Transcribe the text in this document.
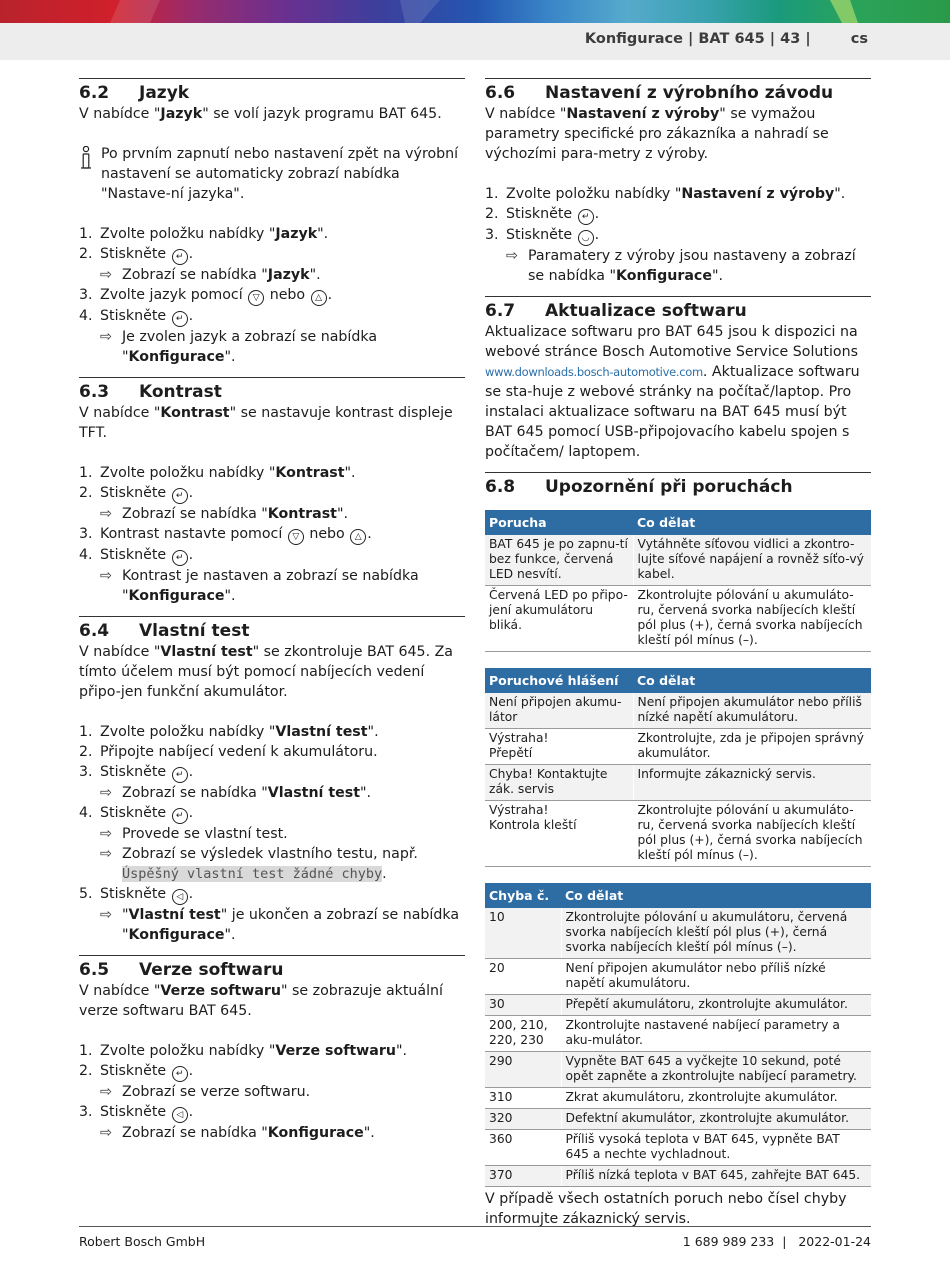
Konfigurace | BAT 645 | 43 |	cs
6.2 Jazyk

V nabídce "Jazyk" se volí jazyk programu BAT 645.

Po prvním zapnutí nebo nastavení zpět na výrobní nastavení se automaticky zobrazí nabídka "Nastave-ní jazyka".

1. Zvolte položku nabídky "Jazyk".
2. Stiskněte ↵ .
⇨ Zobrazí se nabídka "Jazyk".
3. Zvolte jazyk pomocí ▽ nebo △ .
4. Stiskněte ↵ .
⇨ Je zvolen jazyk a zobrazí se nabídka "Konfigurace".
6.3 Kontrast

V nabídce "Kontrast" se nastavuje kontrast displeje TFT.

1. Zvolte položku nabídky "Kontrast".
2. Stiskněte ↵ .
⇨ Zobrazí se nabídka "Kontrast".
3. Kontrast nastavte pomocí ▽ nebo △ .
4. Stiskněte ↵ .
⇨ Kontrast je nastaven a zobrazí se nabídka "Konfigurace".
6.4 Vlastní test

V nabídce "Vlastní test" se zkontroluje BAT 645. Za tímto účelem musí být pomocí nabíjecích vedení připo-jen funkční akumulátor.

1. Zvolte položku nabídky "Vlastní test".
2. Připojte nabíjecí vedení k akumulátoru.
3. Stiskněte ↵ .
⇨ Zobrazí se nabídka "Vlastní test".
4. Stiskněte ↵ .
⇨ Provede se vlastní test.
⇨ Zobrazí se výsledek vlastního testu, např.
Úspěšný vlastní test žádné chyby.
5. Stiskněte ◁ .
⇨ "Vlastní test" je ukončen a zobrazí se nabídka "Konfigurace".
6.5 Verze softwaru

V nabídce "Verze softwaru" se zobrazuje aktuální verze softwaru BAT 645.

1. Zvolte položku nabídky "Verze softwaru".
2. Stiskněte ↵ .
⇨ Zobrazí se verze softwaru.
3. Stiskněte ◁ .
⇨ Zobrazí se nabídka "Konfigurace".
6.6 Nastavení z výrobního závodu

V nabídce "Nastavení z výroby" se vymažou parametry specifické pro zákazníka a nahradí se výchozími para-metry z výroby.

1. Zvolte položku nabídky "Nastavení z výroby".
2. Stiskněte ↵ .
3. Stiskněte ◡ .
⇨ Paramatery z výroby jsou nastaveny a zobrazí se nabídka "Konfigurace".
6.7 Aktualizace softwaru

Aktualizace softwaru pro BAT 645 jsou k dispozici na webové stránce Bosch Automotive Service Solutions www.downloads.bosch-automotive.com. Aktualizace softwaru se sta-huje z webové stránky na počítač/laptop. Pro instalaci aktualizace softwaru na BAT 645 musí být BAT 645 pomocí USB-připojovacího kabelu spojen s počítačem/ laptopem.

6.8 Upozornění při poruchách
Porucha	Co dělat
BAT 645 je po zapnu-tí bez funkce, červená LED nesvítí.	Vytáhněte síťovou vidlici a zkontro-lujte síťové napájení a rovněž síťo-vý kabel.
Červená LED po připo-jení akumulátoru bliká.	Zkontrolujte pólování u akumuláto-ru, červená svorka nabíjecích kleští pól plus (+), černá svorka nabíjecích kleští pól mínus (–).
Poruchové hlášení	Co dělat
Není připojen akumu-látor	Není připojen akumulátor nebo příliš nízké napětí akumulátoru.
Výstraha!
Přepětí	Zkontrolujte, zda je připojen správný akumulátor.
Chyba! Kontaktujte zák. servis	Informujte zákaznický servis.
Výstraha!
Kontrola kleští	Zkontrolujte pólování u akumuláto-ru, červená svorka nabíjecích kleští pól plus (+), černá svorka nabíjecích kleští pól mínus (–).
Chyba č.	Co dělat
10	Zkontrolujte pólování u akumulátoru, červená svorka nabíjecích kleští pól plus (+), černá svorka nabíjecích kleští pól mínus (–).
20	Není připojen akumulátor nebo příliš nízké napětí akumulátoru.
30	Přepětí akumulátoru, zkontrolujte akumulátor.
200, 210, 220, 230	Zkontrolujte nastavené nabíjecí parametry a aku-mulátor.
290	Vypněte BAT 645 a vyčkejte 10 sekund, poté opět zapněte a zkontrolujte nabíjecí parametry.
310	Zkrat akumulátoru, zkontrolujte akumulátor.
320	Defektní akumulátor, zkontrolujte akumulátor.
360	Příliš vysoká teplota v BAT 645, vypněte BAT 645 a nechte vychladnout.
370	Příliš nízká teplota v BAT 645, zahřejte BAT 645.

V případě všech ostatních poruch nebo čísel chyby informujte zákaznický servis.

Robert Bosch GmbH	1 689 989 233 | 2022-01-24
